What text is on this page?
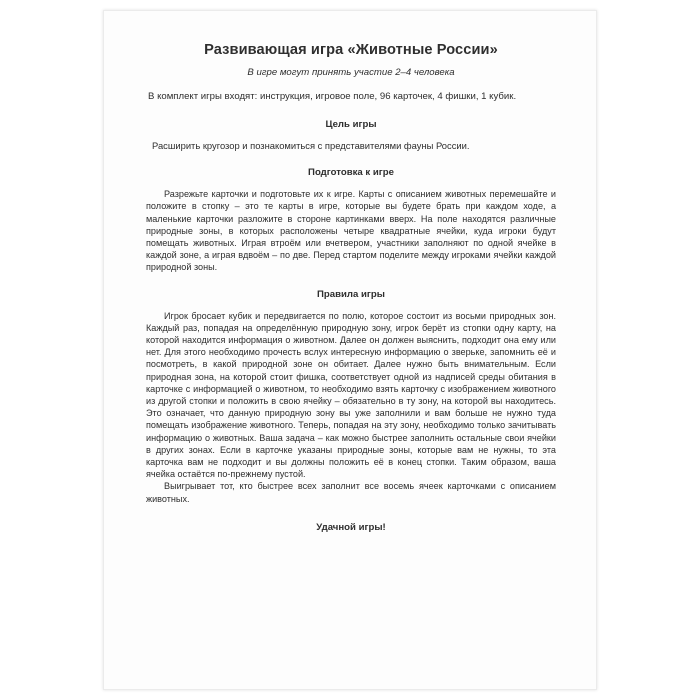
Развивающая игра «Животные России»

В игре могут принять участие 2–4 человека

В комплект игры входят: инструкция, игровое поле, 96 карточек, 4 фишки, 1 кубик.

Цель игры

Расширить кругозор и познакомиться с представителями фауны России.

Подготовка к игре

Разрежьте карточки и подготовьте их к игре. Карты с описанием животных перемешайте и положите в стопку – это те карты в игре, которые вы будете брать при каждом ходе, а маленькие карточки разложите в стороне картинками вверх. На поле находятся различные природные зоны, в которых расположены четыре квадратные ячейки, куда игроки будут помещать животных. Играя втроём или вчетвером, участники заполняют по одной ячейке в каждой зоне, а играя вдвоём – по две. Перед стартом поделите между игроками ячейки каждой природной зоны.

Правила игры

Игрок бросает кубик и передвигается по полю, которое состоит из восьми природных зон. Каждый раз, попадая на определённую природную зону, игрок берёт из стопки одну карту, на которой находится информация о животном. Далее он должен выяснить, подходит она ему или нет. Для этого необходимо прочесть вслух интересную информацию о зверьке, запомнить её и посмотреть, в какой природной зоне он обитает. Далее нужно быть внимательным. Если природная зона, на которой стоит фишка, соответствует одной из надписей среды обитания в карточке с информацией о животном, то необходимо взять карточку с изображением животного из другой стопки и положить в свою ячейку – обязательно в ту зону, на которой вы находитесь. Это означает, что данную природную зону вы уже заполнили и вам больше не нужно туда помещать изображение животного. Теперь, попадая на эту зону, необходимо только зачитывать информацию о животных. Ваша задача – как можно быстрее заполнить остальные свои ячейки в других зонах. Если в карточке указаны природные зоны, которые вам не нужны, то эта карточка вам не подходит и вы должны положить её в конец стопки. Таким образом, ваша ячейка остаётся по-прежнему пустой.

Выигрывает тот, кто быстрее всех заполнит все восемь ячеек карточками с описанием животных.

Удачной игры!
